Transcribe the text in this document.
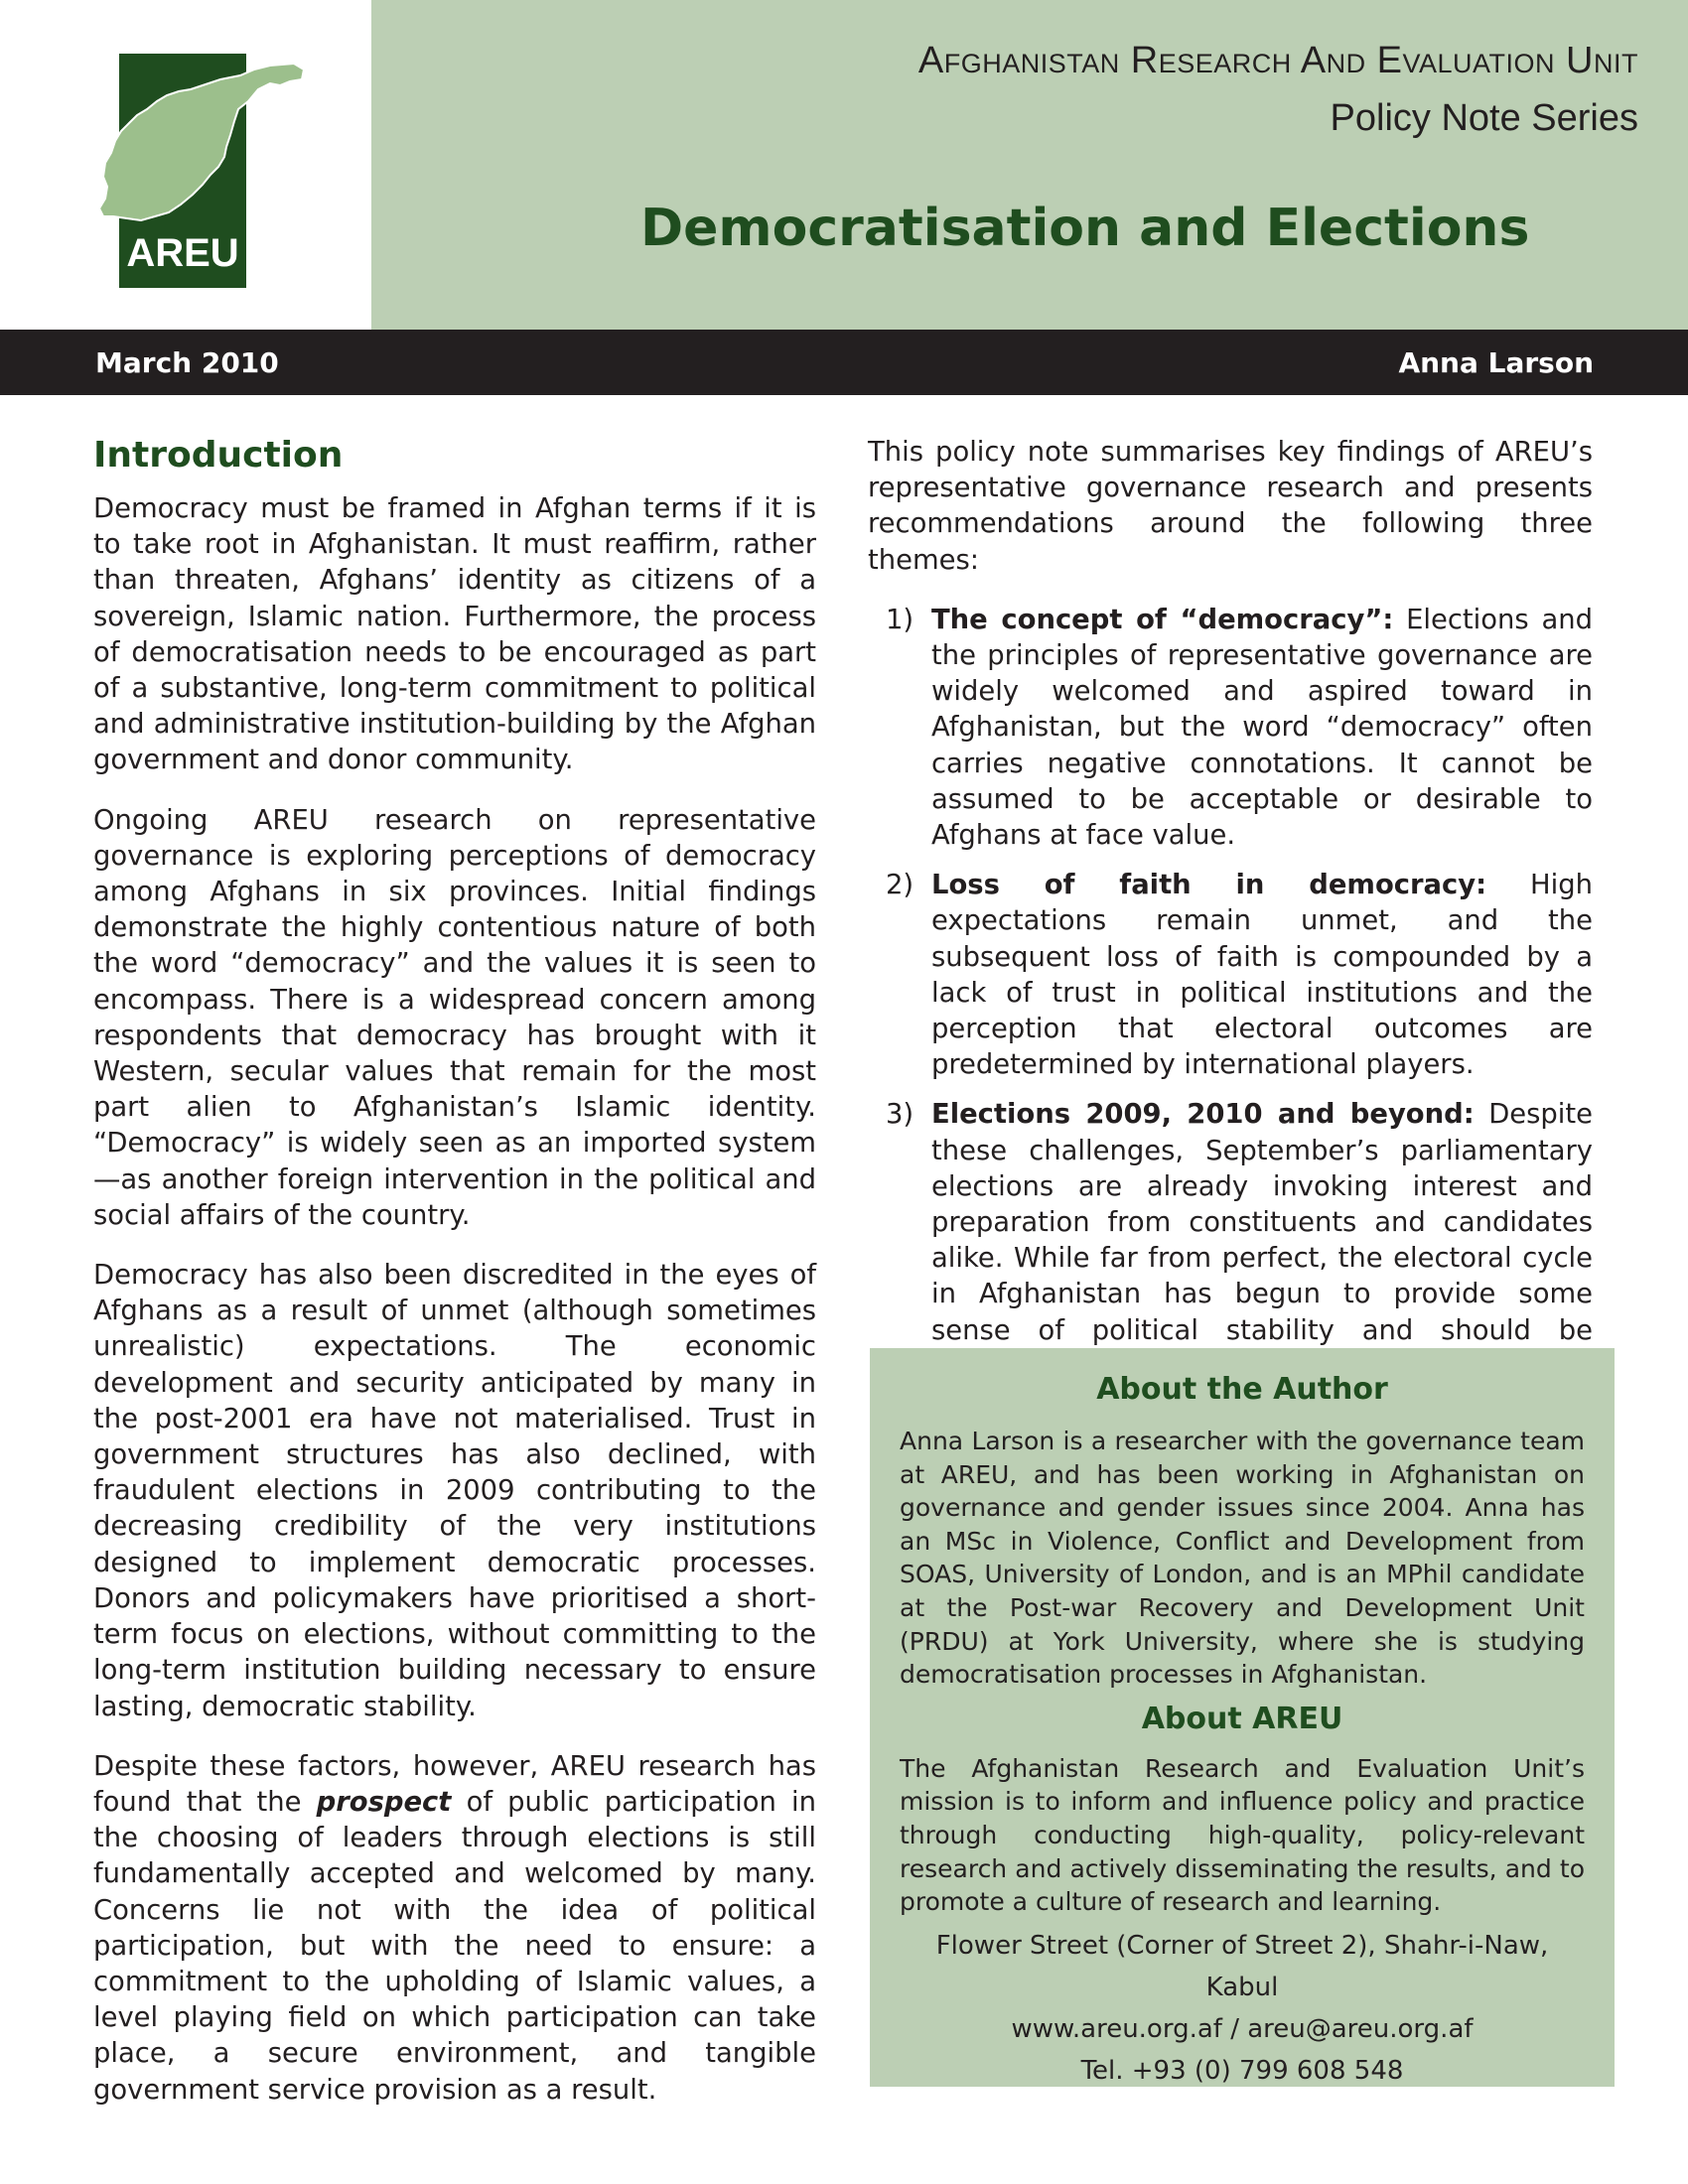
AREU
Afghanistan Research And Evaluation Unit
Policy Note Series
Democratisation and Elections
March 2010	Anna Larson
Introduction

Democracy must be framed in Afghan terms if it is to take root in Afghanistan. It must reaffirm, rather than threaten, Afghans’ identity as citizens of a sovereign, Islamic nation. Furthermore, the process of democratisation needs to be encouraged as part of a substantive, long-term commitment to political and administrative institution-building by the Afghan government and donor community.

Ongoing AREU research on representative governance is exploring perceptions of democracy among Afghans in six provinces. Initial findings demonstrate the highly contentious nature of both the word “democracy” and the values it is seen to encompass. There is a widespread concern among respondents that democracy has brought with it Western, secular values that remain for the most part alien to Afghanistan’s Islamic identity. “Democracy” is widely seen as an imported system—as another foreign intervention in the political and social affairs of the country.

Democracy has also been discredited in the eyes of Afghans as a result of unmet (although sometimes unrealistic) expectations. The economic development and security anticipated by many in the post-2001 era have not materialised. Trust in government structures has also declined, with fraudulent elections in 2009 contributing to the decreasing credibility of the very institutions designed to implement democratic processes. Donors and policymakers have prioritised a short-term focus on elections, without committing to the long-term institution building necessary to ensure lasting, democratic stability.

Despite these factors, however, AREU research has found that the prospect of public participation in the choosing of leaders through elections is still fundamentally accepted and welcomed by many. Concerns lie not with the idea of political participation, but with the need to ensure: a commitment to the upholding of Islamic values, a level playing field on which participation can take place, a secure environment, and tangible government service provision as a result.

This policy note summarises key findings of AREU’s representative governance research and presents recommendations around the following three themes:

1) The concept of “democracy”: Elections and the principles of representative governance are widely welcomed and aspired toward in Afghanistan, but the word “democracy” often carries negative connotations. It cannot be assumed to be acceptable or desirable to Afghans at face value.
2) Loss of faith in democracy: High expectations remain unmet, and the subsequent loss of faith is compounded by a lack of trust in political institutions and the perception that electoral outcomes are predetermined by international players.
3) Elections 2009, 2010 and beyond: Despite these challenges, September’s parliamentary elections are already invoking interest and preparation from constituents and candidates alike. While far from perfect, the electoral cycle in Afghanistan has begun to provide some sense of political stability and should be
About the Author

Anna Larson is a researcher with the governance team at AREU, and has been working in Afghanistan on governance and gender issues since 2004. Anna has an MSc in Violence, Conflict and Development from SOAS, University of London, and is an MPhil candidate at the Post-war Recovery and Development Unit (PRDU) at York University, where she is studying democratisation processes in Afghanistan.

About AREU

The Afghanistan Research and Evaluation Unit’s mission is to inform and influence policy and practice through conducting high-quality, policy-relevant research and actively disseminating the results, and to promote a culture of research and learning.

Flower Street (Corner of Street 2), Shahr-i-Naw, Kabul

www.areu.org.af / areu@areu.org.af

Tel. +93 (0) 799 608 548
